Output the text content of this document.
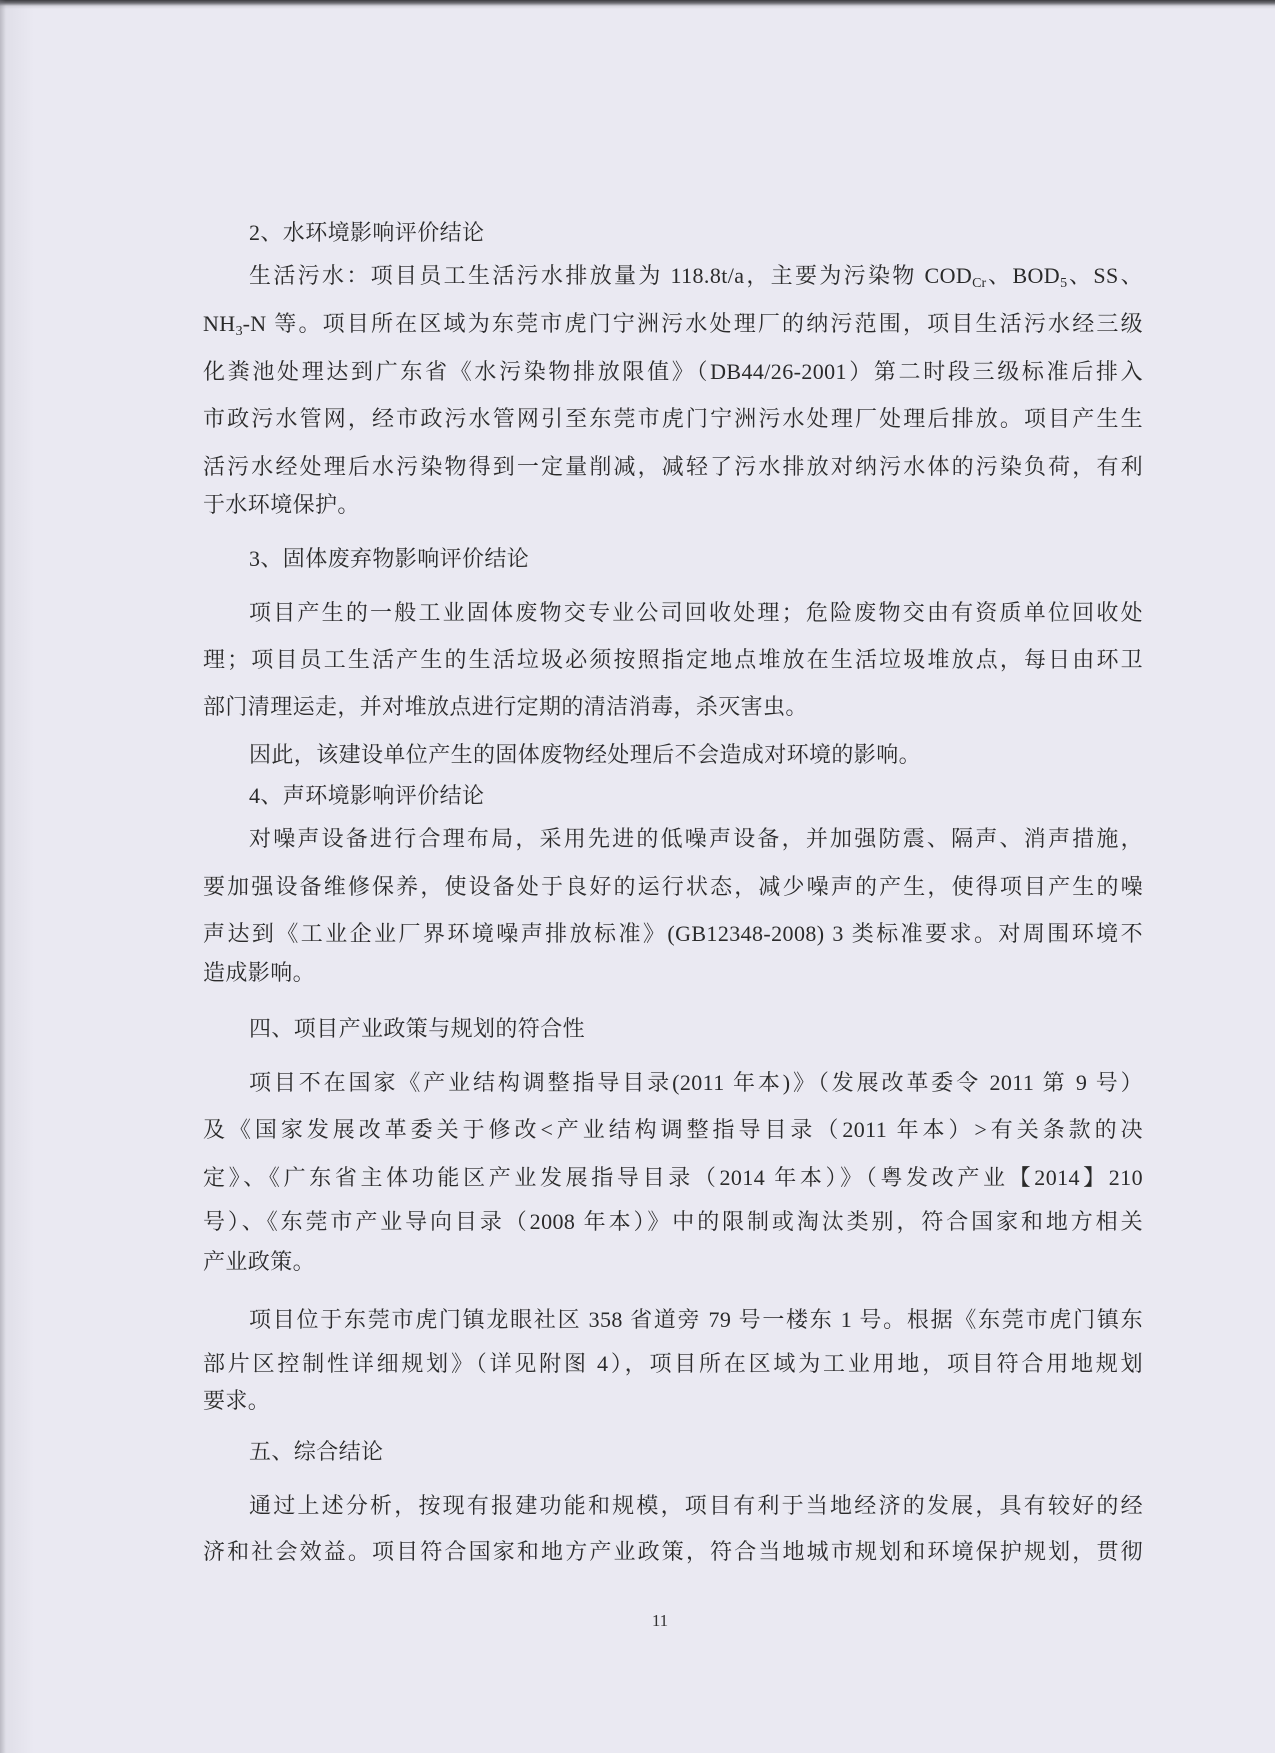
2、水环境影响评价结论
生活污水：项目员工生活污水排放量为 118.8t/a，主要为污染物 $COD_{Cr}$、$BOD_5$、SS、
$NH_3-N$ 等。项目所在区域为东莞市虎门宁洲污水处理厂的纳污范围，项目生活污水经三级
化粪池处理达到广东省《水污染物排放限值》（DB44/26-2001）第二时段三级标准后排入
市政污水管网，经市政污水管网引至东莞市虎门宁洲污水处理厂处理后排放。项目产生生
活污水经处理后水污染物得到一定量削减，减轻了污水排放对纳污水体的污染负荷，有利
于水环境保护。
3、固体废弃物影响评价结论
项目产生的一般工业固体废物交专业公司回收处理；危险废物交由有资质单位回收处
理；项目员工生活产生的生活垃圾必须按照指定地点堆放在生活垃圾堆放点，每日由环卫
部门清理运走，并对堆放点进行定期的清洁消毒，杀灭害虫。
因此，该建设单位产生的固体废物经处理后不会造成对环境的影响。
4、声环境影响评价结论
对噪声设备进行合理布局，采用先进的低噪声设备，并加强防震、隔声、消声措施，
要加强设备维修保养，使设备处于良好的运行状态，减少噪声的产生，使得项目产生的噪
声达到《工业企业厂界环境噪声排放标准》(GB12348-2008) 3 类标准要求。对周围环境不
造成影响。
四、项目产业政策与规划的符合性
项目不在国家《产业结构调整指导目录(2011 年本)》（发展改革委令 2011 第 9 号）
及《国家发展改革委关于修改<产业结构调整指导目录（2011 年本）>有关条款的决
定》、《广东省主体功能区产业发展指导目录（2014 年本）》（粤发改产业【2014】210
号）、《东莞市产业导向目录（2008 年本）》中的限制或淘汰类别，符合国家和地方相关
产业政策。
项目位于东莞市虎门镇龙眼社区 358 省道旁 79 号一楼东 1 号。根据《东莞市虎门镇东
部片区控制性详细规划》（详见附图 4），项目所在区域为工业用地，项目符合用地规划
要求。
五、综合结论
通过上述分析，按现有报建功能和规模，项目有利于当地经济的发展，具有较好的经
济和社会效益。项目符合国家和地方产业政策，符合当地城市规划和环境保护规划，贯彻
11
